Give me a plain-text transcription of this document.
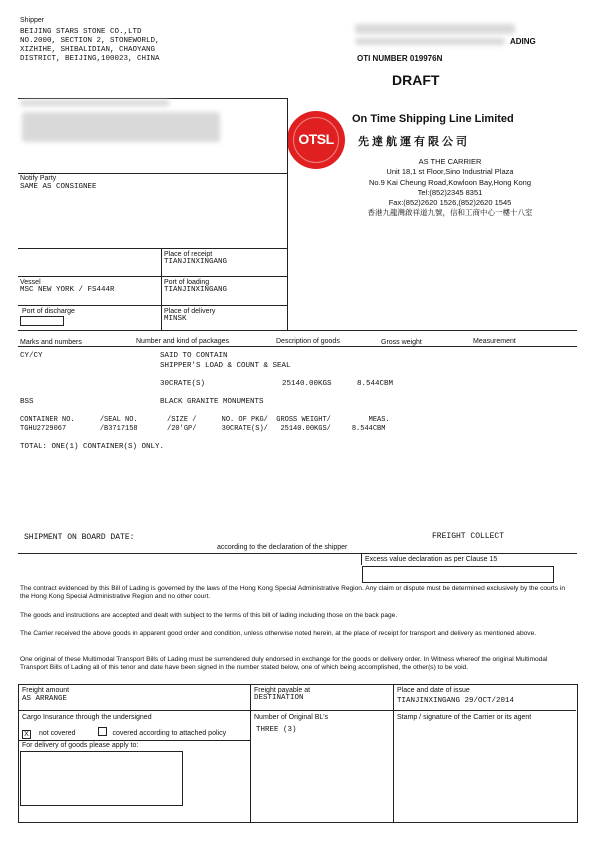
Shipper
BEIJING STARS STONE CO.,LTD
NO.2000, SECTION 2, STONEWORLD,
XIZHIHE, SHIBALIDIAN, CHAOYANG
DISTRICT, BEIJING,100023, CHINA
ADING
OTI NUMBER 019976N
DRAFT
OTSL
On Time Shipping Line Limited
先達航運有限公司
AS THE CARRIER
Unit 18,1 st Floor,Sino Industrial Plaza
No.9 Kai Cheung Road,Kowloon Bay,Hong Kong
Tel:(852)2345 8351
Fax:(852)2620 1526,(852)2620 1545
香港九龍灣啟祥道九號，信和工商中心一樓十八室
Notify Party
SAME AS CONSIGNEE
Place of receipt
TIANJINXINGANG
Vessel
MSC NEW YORK / FS444R
Port of loading
TIANJINXINGANG
Port of discharge	Place of delivery
MINSK
Marks and numbers	Number and kind of packages	Description of goods	Gross weight	Measurement
CY/CY	SAID TO CONTAIN
SHIPPER'S LOAD & COUNT & SEAL
30CRATE(S)	25140.00KGS	8.544CBM
BSS	BLACK GRANITE MONUMENTS
CONTAINER NO.      /SEAL NO.       /SIZE /      NO. OF PKG/  GROSS WEIGHT/         MEAS.
TGHU2729067        /B3717158       /20'GP/      30CRATE(S)/   25140.00KGS/     8.544CBM
TOTAL: ONE(1) CONTAINER(S) ONLY.
SHIPMENT ON BOARD DATE:	FREIGHT COLLECT
according to the declaration of the shipper
Excess value declaration as per Clause 15
The contract evidenced by this Bill of Lading is governed by the laws of the Hong Kong Special Administrative Region. Any claim or dispute must be determined exclusively by the courts in the Hong Kong Special Administrative Region and no other court.
The goods and instructions are accepted and dealt with subject to the terms of this bill of lading including those on the back page.
The Carrier received the above goods in apparent good order and condition, unless otherwise noted herein, at the place of receipt for transport and delivery as mentioned above.
One original of these Multimodal Transport Bills of Lading must be surrendered duly endorsed in exchange for the goods or delivery order. In Witness whereof the original Multimodal Transport Bills of Lading all of this tenor and date have been signed in the number stated below, one of which being accomplished, the other(s) to be void.
Freight amount
AS ARRANGE
Freight payable at
DESTINATION
Place and date of issue
TIANJINXINGANG 29/OCT/2014
Cargo Insurance through the undersigned
X not covered	covered according to attached policy
Number of Original BL's
THREE (3)
Stamp / signature of the Carrier or its agent
For delivery of goods please apply to:
